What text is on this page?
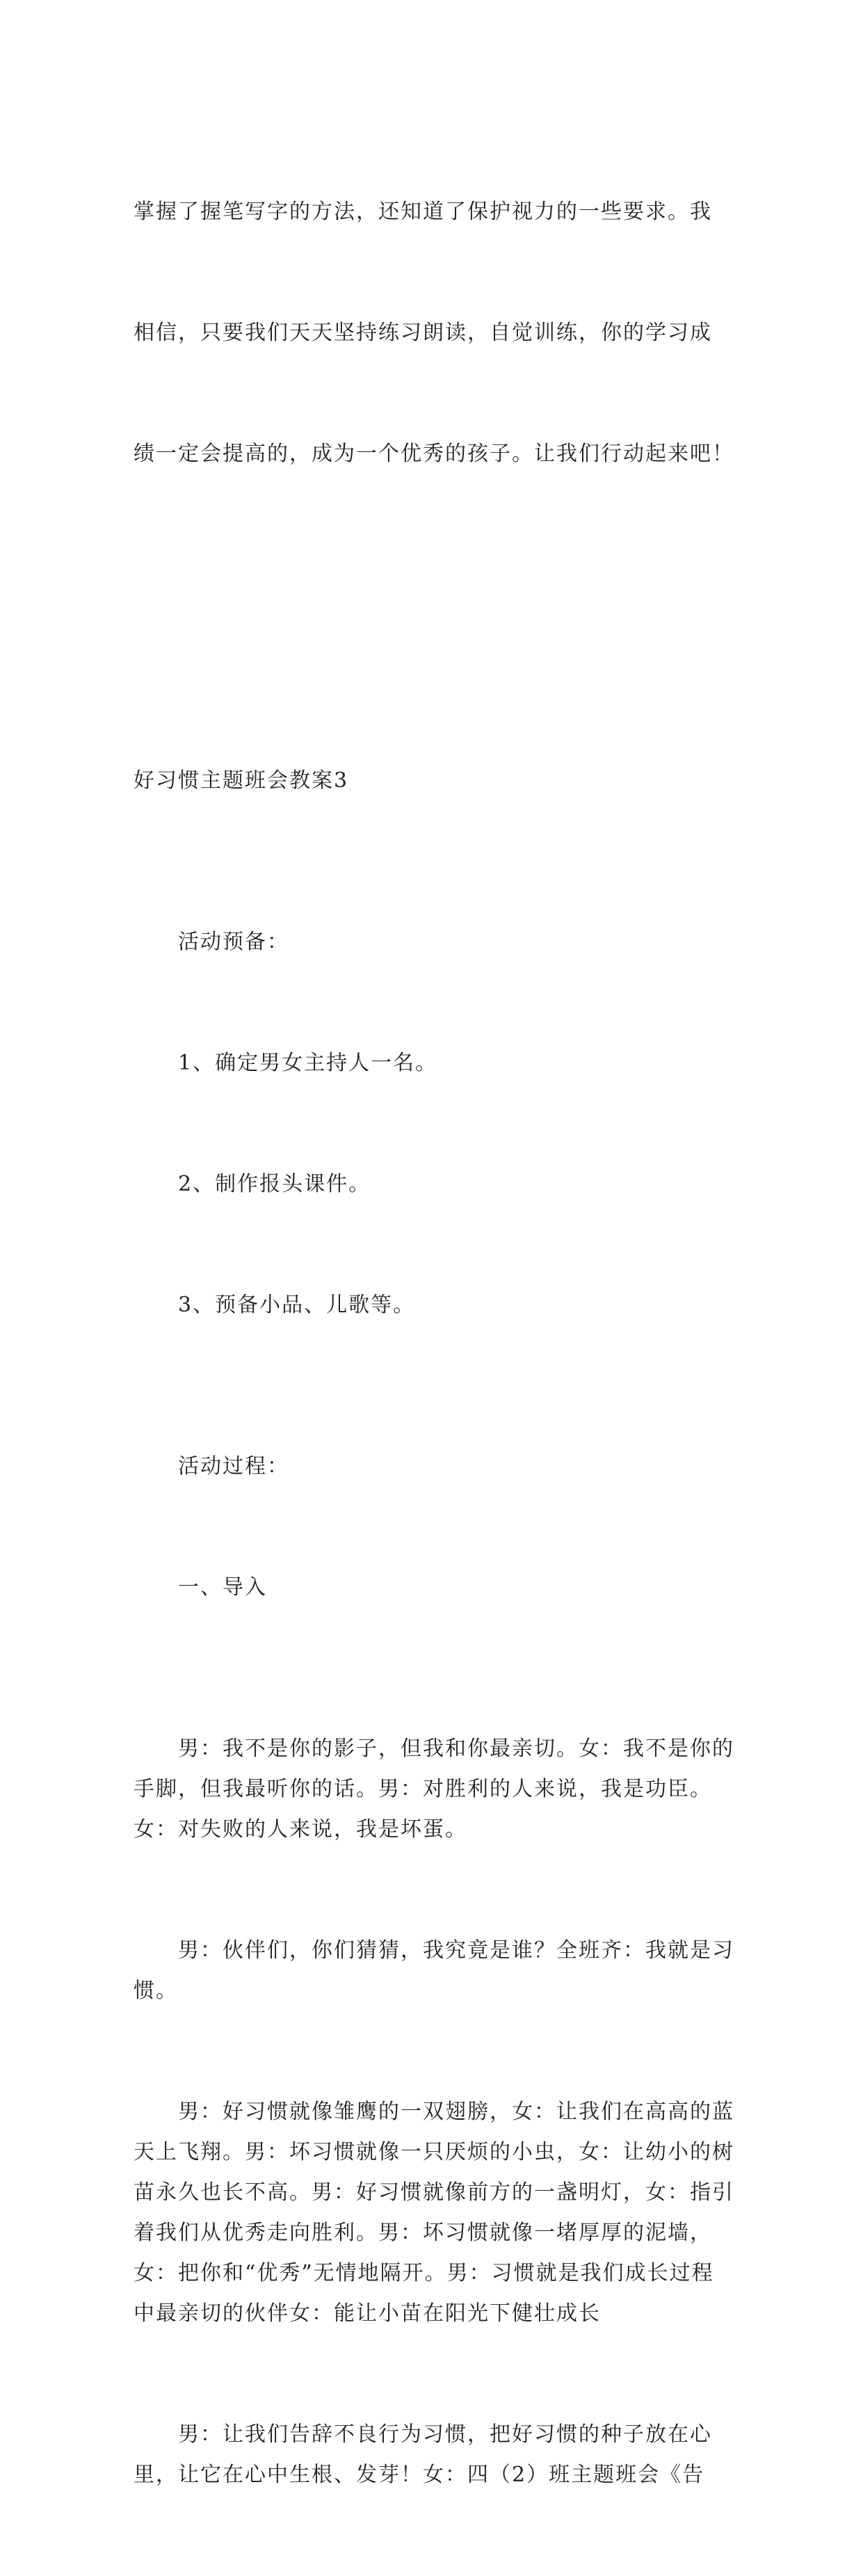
掌握了握笔写字的方法，还知道了保护视力的一些要求。我

相信，只要我们天天坚持练习朗读，自觉训练，你的学习成

绩一定会提高的，成为一个优秀的孩子。让我们行动起来吧！

好习惯主题班会教案3

活动预备：

1、确定男女主持人一名。

2、制作报头课件。

3、预备小品、儿歌等。

活动过程：

一、导入

男：我不是你的影子，但我和你最亲切。女：我不是你的手脚，但我最听你的话。男：对胜利的人来说，我是功臣。女：对失败的人来说，我是坏蛋。

男：伙伴们，你们猜猜，我究竟是谁？全班齐：我就是习惯。

男：好习惯就像雏鹰的一双翅膀，女：让我们在高高的蓝天上飞翔。男：坏习惯就像一只厌烦的小虫，女：让幼小的树苗永久也长不高。男：好习惯就像前方的一盏明灯，女：指引着我们从优秀走向胜利。男：坏习惯就像一堵厚厚的泥墙，女：把你和“优秀”无情地隔开。男：习惯就是我们成长过程中最亲切的伙伴女：能让小苗在阳光下健壮成长

男：让我们告辞不良行为习惯，把好习惯的种子放在心里，让它在心中生根、发芽！女：四（2）班主题班会《告
